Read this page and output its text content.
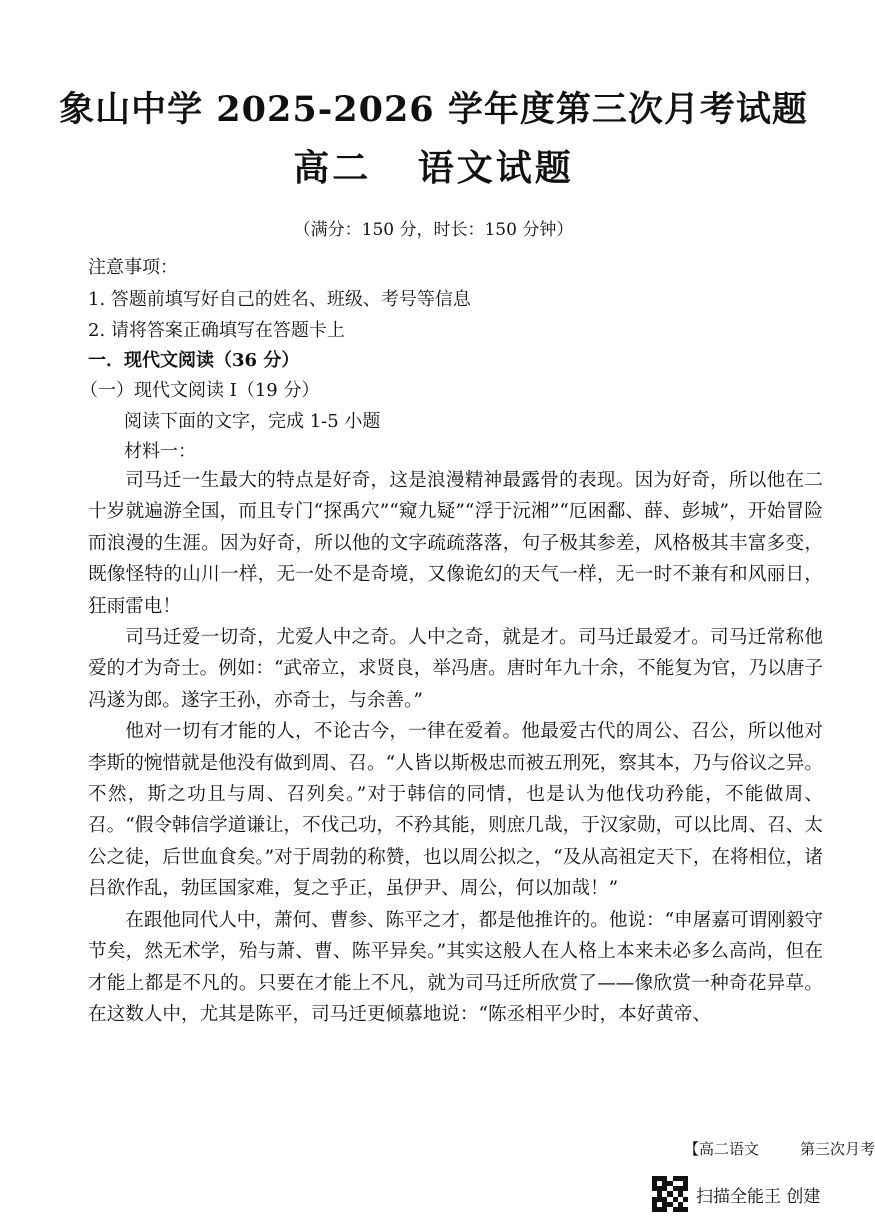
象山中学 2025-2026 学年度第三次月考试题
高二   语文试题
（满分：150 分，时长：150 分钟）
注意事项：
1. 答题前填写好自己的姓名、班级、考号等信息
2. 请将答案正确填写在答题卡上
一．现代文阅读（36 分）
（一）现代文阅读 I（19 分）
阅读下面的文字，完成 1-5 小题
材料一：

司马迁一生最大的特点是好奇，这是浪漫精神最露骨的表现。因为好奇，所以他在二十岁就遍游全国，而且专门“探禹穴”“窥九疑”“浮于沅湘”“厄困鄱、薛、彭城”，开始冒险而浪漫的生涯。因为好奇，所以他的文字疏疏落落，句子极其参差，风格极其丰富多变，既像怪特的山川一样，无一处不是奇境，又像诡幻的天气一样，无一时不兼有和风丽日，狂雨雷电！

司马迁爱一切奇，尤爱人中之奇。人中之奇，就是才。司马迁最爱才。司马迁常称他爱的才为奇士。例如：“武帝立，求贤良，举冯唐。唐时年九十余，不能复为官，乃以唐子冯遂为郎。遂字王孙，亦奇士，与余善。”

他对一切有才能的人，不论古今，一律在爱着。他最爱古代的周公、召公，所以他对李斯的惋惜就是他没有做到周、召。“人皆以斯极忠而被五刑死，察其本，乃与俗议之异。不然，斯之功且与周、召列矣。”对于韩信的同情，也是认为他伐功矜能，不能做周、召。“假令韩信学道谦让，不伐己功，不矜其能，则庶几哉，于汉家勋，可以比周、召、太公之徒，后世血食矣。”对于周勃的称赞，也以周公拟之，“及从高祖定天下，在将相位，诸吕欲作乱，勃匡国家难，复之乎正，虽伊尹、周公，何以加哉！”

在跟他同代人中，萧何、曹参、陈平之才，都是他推许的。他说：“申屠嘉可谓刚毅守节矣，然无术学，殆与萧、曹、陈平异矣。”其实这般人在人格上本来未必多么高尚，但在才能上都是不凡的。只要在才能上不凡，就为司马迁所欣赏了——像欣赏一种奇花异草。在这数人中，尤其是陈平，司马迁更倾慕地说：“陈丞相平少时，本好黄帝、

【高二语文	第三次月考
扫描全能王 创建
